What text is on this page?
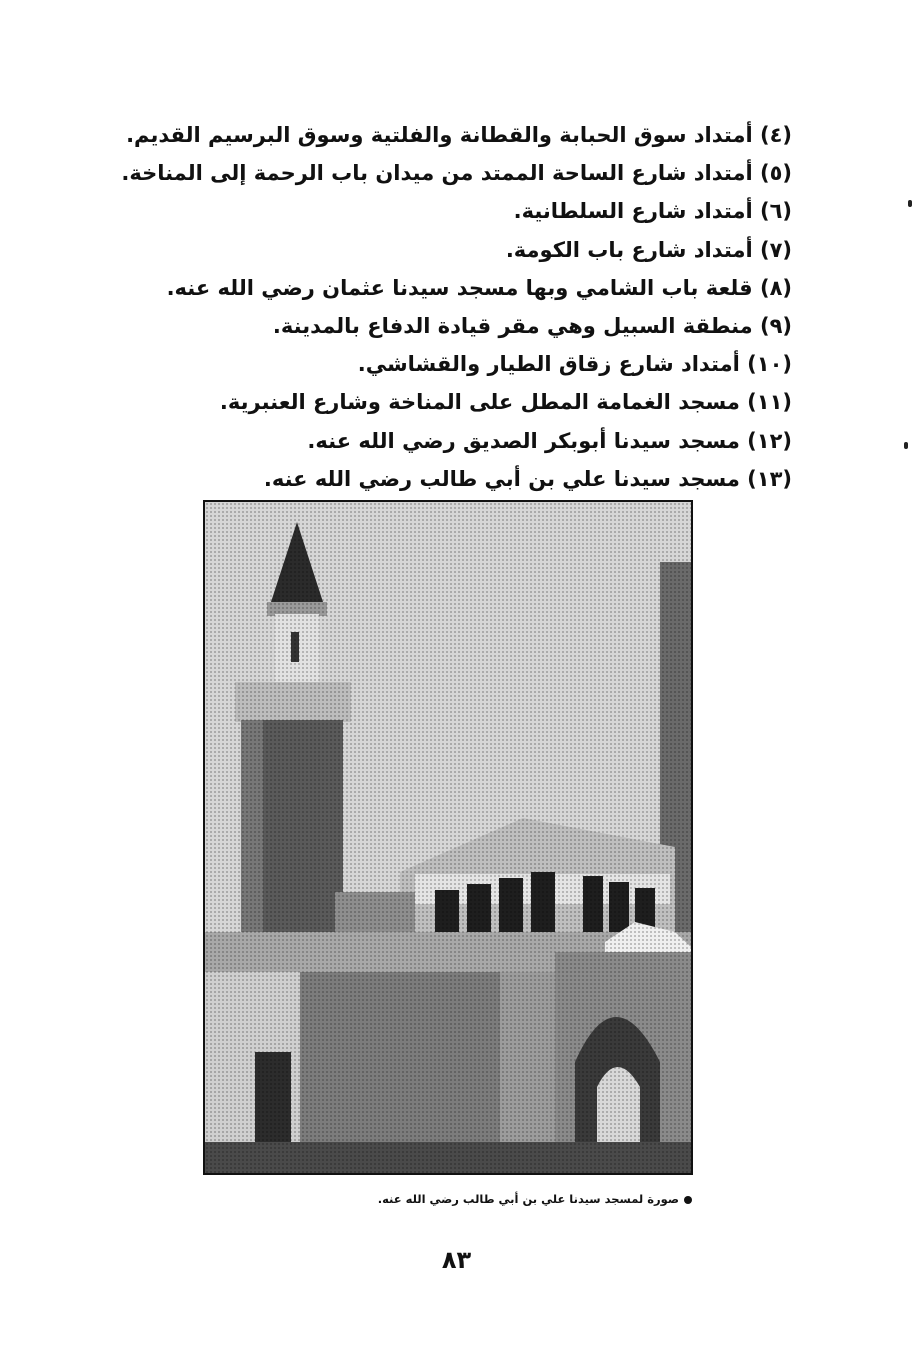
(٤) أمتداد سوق الحبابة والقطانة والفلتية وسوق البرسيم القديم.
(٥) أمتداد شارع الساحة الممتد من ميدان باب الرحمة إلى المناخة.
(٦) أمتداد شارع السلطانية.
(٧) أمتداد شارع باب الكومة.
(٨) قلعة باب الشامي وبها مسجد سيدنا عثمان رضي الله عنه.
(٩) منطقة السبيل وهي مقر قيادة الدفاع بالمدينة.
(١٠) أمتداد شارع زقاق الطيار والقشاشي.
(١١) مسجد الغمامة المطل على المناخة وشارع العنبرية.
(١٢) مسجد سيدنا أبوبكر الصديق رضي الله عنه.
(١٣) مسجد سيدنا علي بن أبي طالب رضي الله عنه.
صورة لمسجد سيدنا علي بن أبي طالب رضي الله عنه.
٨٣
